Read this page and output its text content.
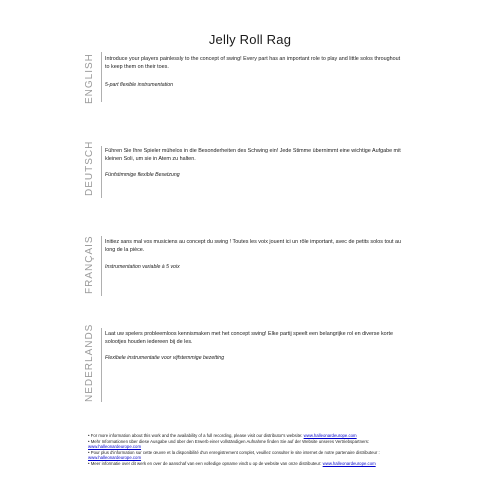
Jelly Roll Rag
ENGLISH	Introduce your players painlessly to the concept of swing! Every part has an important role to play and little solos throughout to keep them on their toes.

5-part flexible instrumentation

DEUTSCH	Führen Sie Ihre Spieler mühelos in die Besonderheiten des Schwing ein! Jede Stimme übernimmt eine wichtige Aufgabe mit kleinen Soli, um sie in Atem zu halten.

Fünfstimmige flexible Besetzung

FRANÇAIS	Initiez sans mal vos musiciens au concept du swing ! Toutes les voix jouent ici un rôle important, avec de petits solos tout au long de la pièce.

Instrumentation variable à 5 voix

NEDERLANDS	Laat uw spelers probleemloos kennismaken met het concept swing! Elke partij speelt een belangrijke rol en diverse korte solootjes houden iedereen bij de les.

Flexibele instrumentatie voor vijfstemmige bezetting

• For more information about this work and the availability of a full recording, please visit our distributor's website: www.halleonardeurope.com
• Mehr Informationen über diese Ausgabe und über den Erwerb einer vollständigen Aufnahme finden Sie auf der Website unseres Vertriebspartners: www.halleonardeurope.com
• Pour plus d'information sur cette œuvre et la disponibilité d'un enregistrement complet, veuillez consulter le site internet de notre partenaire distributeur : www.halleonardeurope.com
• Meer informatie over dit werk en over de aanschaf van een volledige opname vindt u op de website van onze distributeur: www.halleonardeurope.com
